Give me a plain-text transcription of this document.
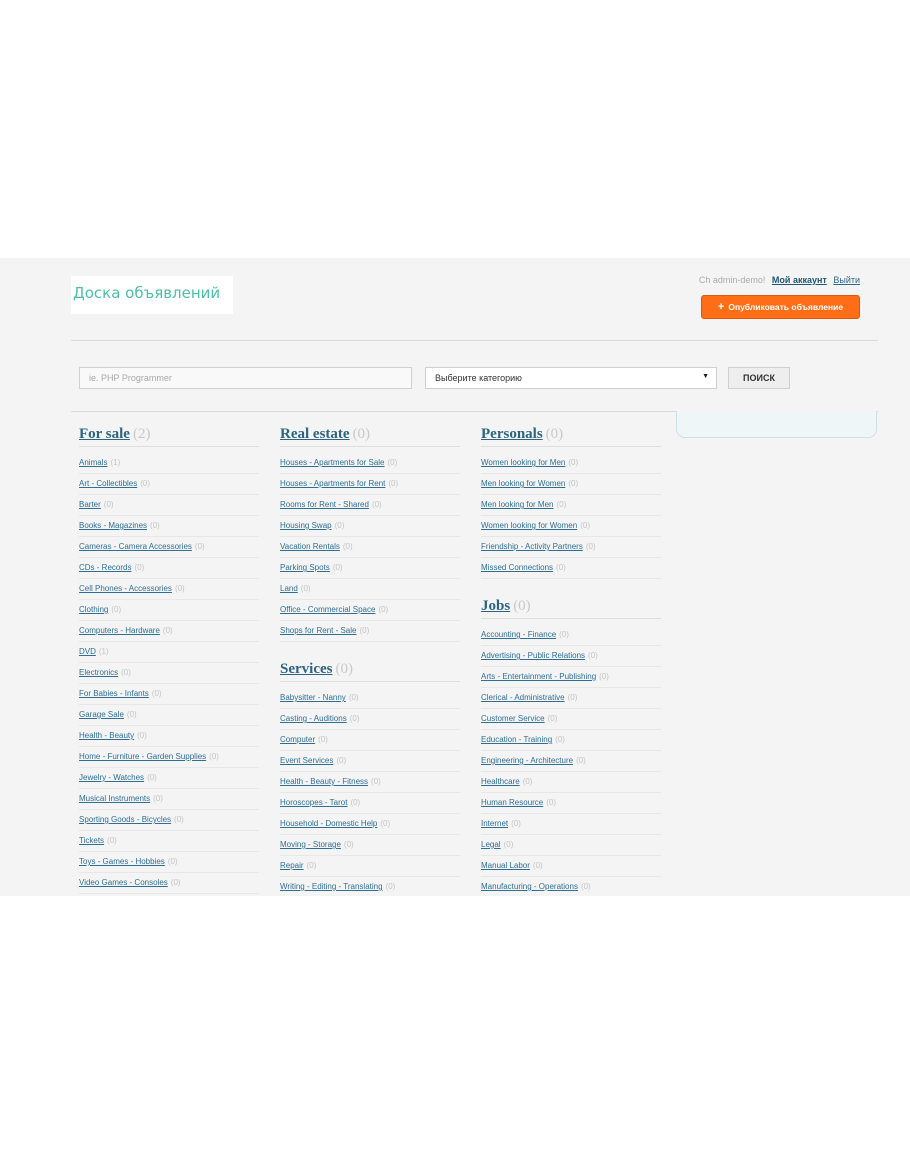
Доска объявлений
Ch admin-demo! Мой аккаунт Выйти
+ Опубликовать объявление
ie. PHP Programmer	Выберите категорию	▼	ПОИСК
For sale (2)
Animals (1)
Art - Collectibles (0)
Barter (0)
Books - Magazines (0)
Cameras - Camera Accessories (0)
CDs - Records (0)
Cell Phones - Accessories (0)
Clothing (0)
Computers - Hardware (0)
DVD (1)
Electronics (0)
For Babies - Infants (0)
Garage Sale (0)
Health - Beauty (0)
Home - Furniture - Garden Supplies (0)
Jewelry - Watches (0)
Musical Instruments (0)
Sporting Goods - Bicycles (0)
Tickets (0)
Toys - Games - Hobbies (0)
Video Games - Consoles (0)
Real estate (0)
Houses - Apartments for Sale (0)
Houses - Apartments for Rent (0)
Rooms for Rent - Shared (0)
Housing Swap (0)
Vacation Rentals (0)
Parking Spots (0)
Land (0)
Office - Commercial Space (0)
Shops for Rent - Sale (0)
Services (0)
Babysitter - Nanny (0)
Casting - Auditions (0)
Computer (0)
Event Services (0)
Health - Beauty - Fitness (0)
Horoscopes - Tarot (0)
Household - Domestic Help (0)
Moving - Storage (0)
Repair (0)
Writing - Editing - Translating (0)
Personals (0)
Women looking for Men (0)
Men looking for Women (0)
Men looking for Men (0)
Women looking for Women (0)
Friendship - Activity Partners (0)
Missed Connections (0)
Jobs (0)
Accounting - Finance (0)
Advertising - Public Relations (0)
Arts - Entertainment - Publishing (0)
Clerical - Administrative (0)
Customer Service (0)
Education - Training (0)
Engineering - Architecture (0)
Healthcare (0)
Human Resource (0)
Internet (0)
Legal (0)
Manual Labor (0)
Manufacturing - Operations (0)
